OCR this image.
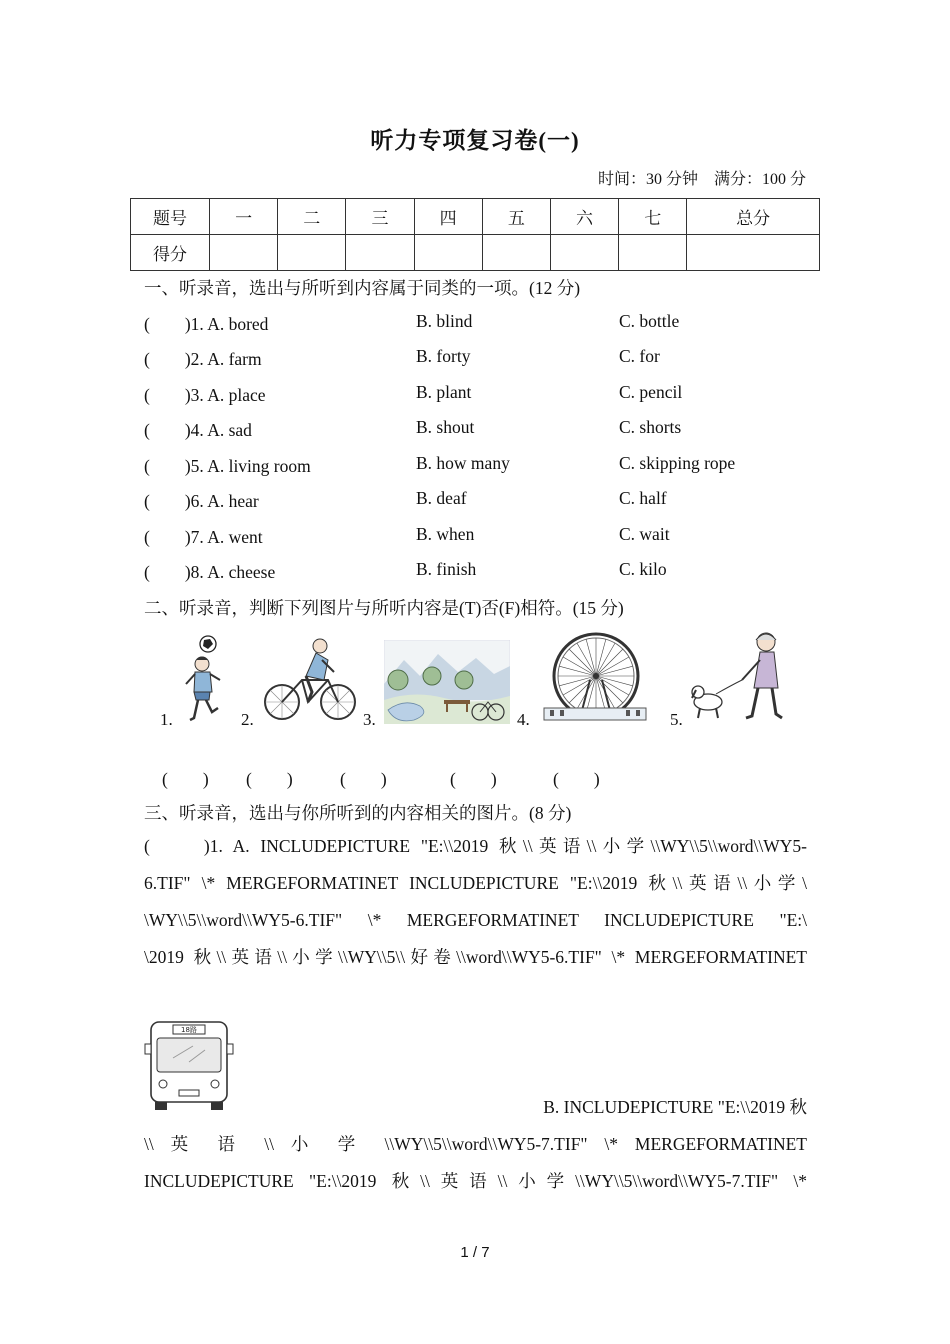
听力专项复习卷(一)
时间：30 分钟　满分：100 分
题号	一	二	三	四	五	六	七	总分
得分								
一、听录音，选出与所听到内容属于同类的一项。(12 分)
(　　)1. A. bored	B. blind	C. bottle
(　　)2. A. farm	B. forty	C. for
(　　)3. A. place	B. plant	C. pencil
(　　)4. A. sad	B. shout	C. shorts
(　　)5. A. living room	B. how many	C. skipping rope
(　　)6. A. hear	B. deaf	C. half
(　　)7. A. went	B. when	C. wait
(　　)8. A. cheese	B. finish	C. kilo
二、听录音，判断下列图片与所听内容是(T)否(F)相符。(15 分)
1.	2.	3.	4.	5.
(　　) (　　)	(　　)	(　　)	(　　)
三、听录音，选出与你所听到的内容相关的图片。(8 分)
(　　)1. A. INCLUDEPICTURE "E:\\2019 秋\\英语\\小学\\WY\\5\\word\\WY5-
6.TIF" \* MERGEFORMATINET INCLUDEPICTURE "E:\\2019 秋\\英语\\小学\
\WY\\5\\word\\WY5-6.TIF" \* MERGEFORMATINET INCLUDEPICTURE "E:\
\2019 秋\\英语\\小学\\WY\\5\\好卷\\word\\WY5-6.TIF" \* MERGEFORMATINET
18路
B. INCLUDEPICTURE "E:\\2019 秋
\\ 英 语 \\ 小 学 \\WY\\5\\word\\WY5-7.TIF" \* MERGEFORMATINET
INCLUDEPICTURE "E:\\2019 秋\\英语\\小学\\WY\\5\\word\\WY5-7.TIF" \*
1 / 7
